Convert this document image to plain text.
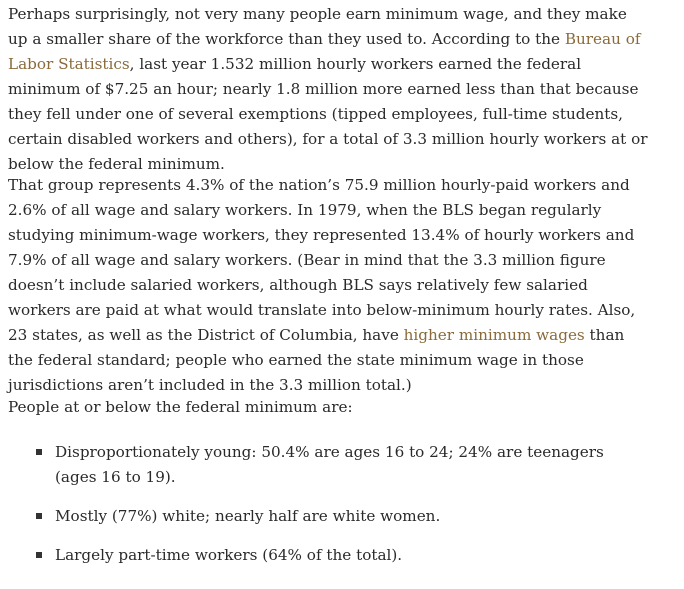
Perhaps surprisingly, not very many people earn minimum wage, and they make up a smaller share of the workforce than they used to. According to the Bureau of Labor Statistics, last year 1.532 million hourly workers earned the federal minimum of $7.25 an hour; nearly 1.8 million more earned less than that because they fell under one of several exemptions (tipped employees, full-time students, certain disabled workers and others), for a total of 3.3 million hourly workers at or below the federal minimum.

That group represents 4.3% of the nation’s 75.9 million hourly-paid workers and 2.6% of all wage and salary workers. In 1979, when the BLS began regularly studying minimum-wage workers, they represented 13.4% of hourly workers and 7.9% of all wage and salary workers. (Bear in mind that the 3.3 million figure doesn’t include salaried workers, although BLS says relatively few salaried workers are paid at what would translate into below-minimum hourly rates. Also, 23 states, as well as the District of Columbia, have higher minimum wages than the federal standard; people who earned the state minimum wage in those jurisdictions aren’t included in the 3.3 million total.)

People at or below the federal minimum are:

Disproportionately young: 50.4% are ages 16 to 24; 24% are teenagers (ages 16 to 19).
Mostly (77%) white; nearly half are white women.
Largely part-time workers (64% of the total).
